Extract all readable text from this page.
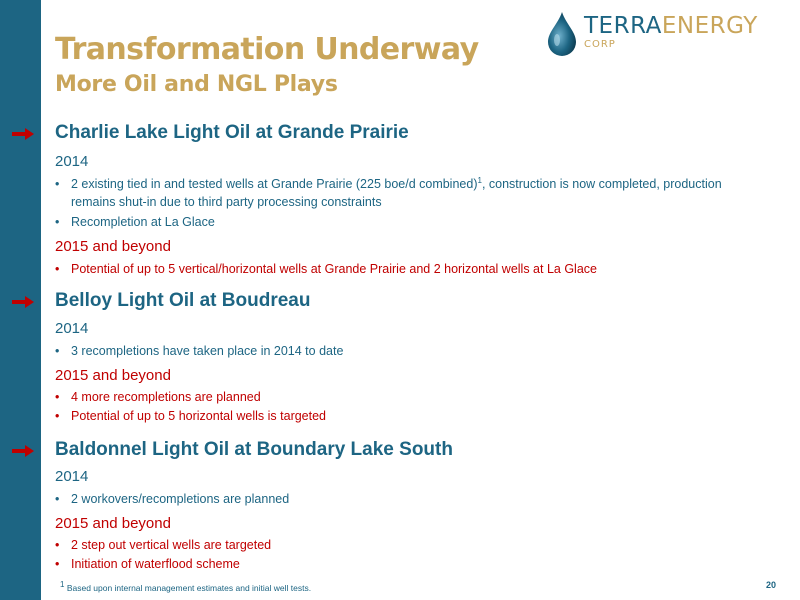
Transformation Underway
More Oil and NGL Plays
TERRAENERGY
CORP
Charlie Lake Light Oil at Grande Prairie
2014
• 2 existing tied in and tested wells at Grande Prairie (225 boe/d combined)$^1$, construction is now completed, production remains shut-in due to third party processing constraints
• Recompletion at La Glace
2015 and beyond
• Potential of up to 5 vertical/horizontal wells at Grande Prairie and 2 horizontal wells at La Glace
Belloy Light Oil at Boudreau
2014
• 3 recompletions have taken place in 2014 to date
2015 and beyond
• 4 more recompletions are planned
• Potential of up to 5 horizontal wells is targeted
Baldonnel Light Oil at Boundary Lake South
2014
• 2 workovers/recompletions are planned
2015 and beyond
• 2 step out vertical wells are targeted
• Initiation of waterflood scheme
$^1$ Based upon internal management estimates and initial well tests.	20
